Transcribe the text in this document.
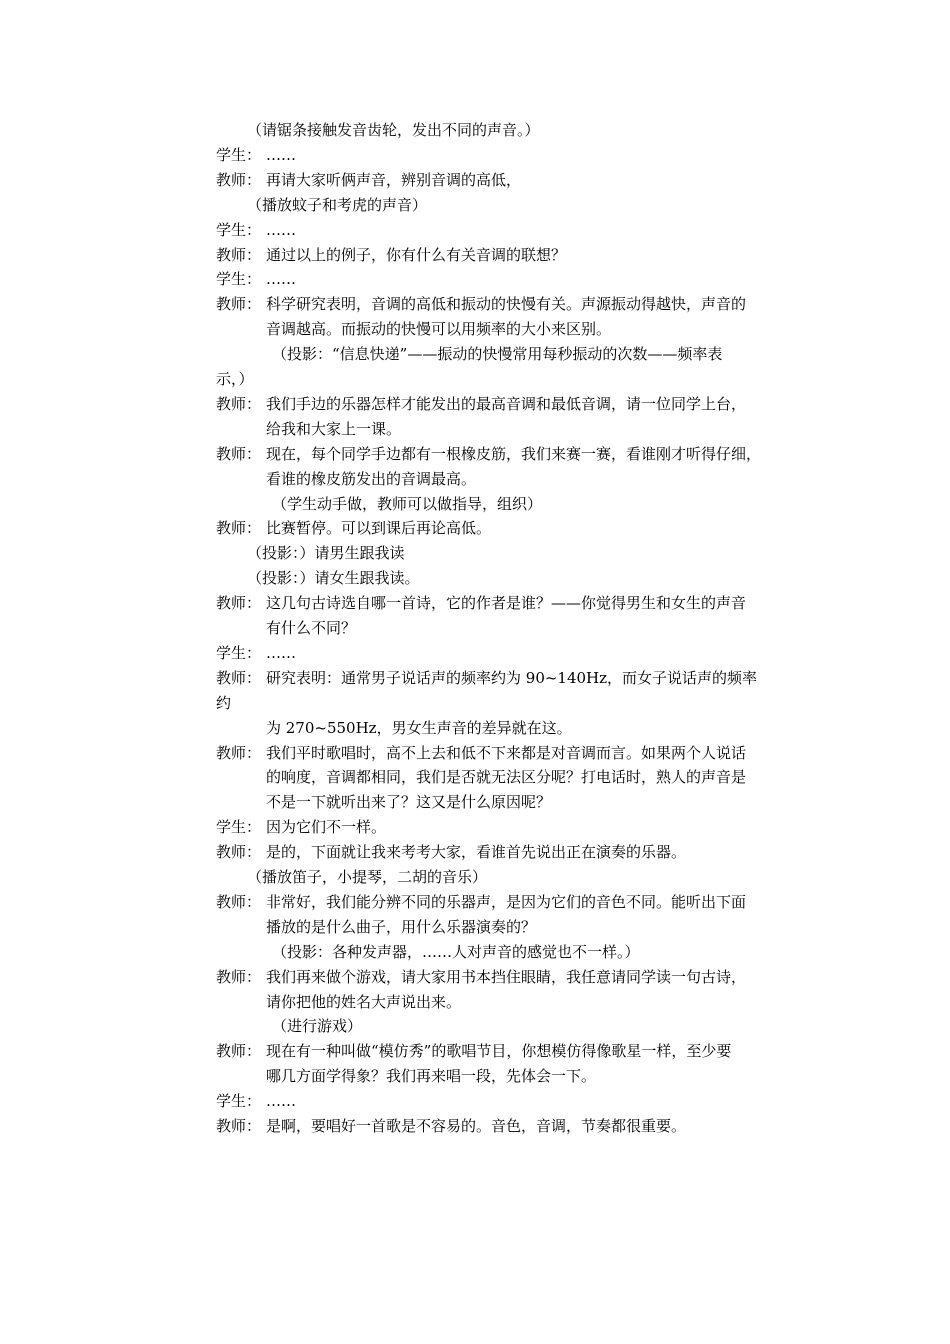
（请锯条接触发音齿轮，发出不同的声音。）
学生： ……
教师： 再请大家听俩声音，辨别音调的高低，
（播放蚊子和考虎的声音）
学生： ……
教师： 通过以上的例子，你有什么有关音调的联想？
学生： ……
教师： 科学研究表明，音调的高低和振动的快慢有关。声源振动得越快，声音的
音调越高。而振动的快慢可以用频率的大小来区别。
（投影：“信息快递”——振动的快慢常用每秒振动的次数——频率表
示，）
教师： 我们手边的乐器怎样才能发出的最高音调和最低音调，请一位同学上台，
给我和大家上一课。
教师： 现在，每个同学手边都有一根橡皮筋，我们来赛一赛，看谁刚才听得仔细，
看谁的橡皮筋发出的音调最高。
（学生动手做，教师可以做指导，组织）
教师： 比赛暂停。可以到课后再论高低。
（投影：）请男生跟我读
（投影：）请女生跟我读。
教师： 这几句古诗选自哪一首诗，它的作者是谁？——你觉得男生和女生的声音
有什么不同？
学生： ……
教师： 研究表明：通常男子说话声的频率约为 90~140Hz，而女子说话声的频率
约
为 270~550Hz，男女生声音的差异就在这。
教师： 我们平时歌唱时，高不上去和低不下来都是对音调而言。如果两个人说话
的响度，音调都相同，我们是否就无法区分呢？打电话时，熟人的声音是
不是一下就听出来了？这又是什么原因呢？
学生： 因为它们不一样。
教师： 是的，下面就让我来考考大家，看谁首先说出正在演奏的乐器。
（播放笛子，小提琴，二胡的音乐）
教师： 非常好，我们能分辨不同的乐器声，是因为它们的音色不同。能听出下面
播放的是什么曲子，用什么乐器演奏的？
（投影：各种发声器，……人对声音的感觉也不一样。）
教师： 我们再来做个游戏，请大家用书本挡住眼睛，我任意请同学读一句古诗，
请你把他的姓名大声说出来。
（进行游戏）
教师： 现在有一种叫做“模仿秀”的歌唱节目，你想模仿得像歌星一样，至少要
哪几方面学得象？我们再来唱一段，先体会一下。
学生： ……
教师： 是啊，要唱好一首歌是不容易的。音色，音调，节奏都很重要。
